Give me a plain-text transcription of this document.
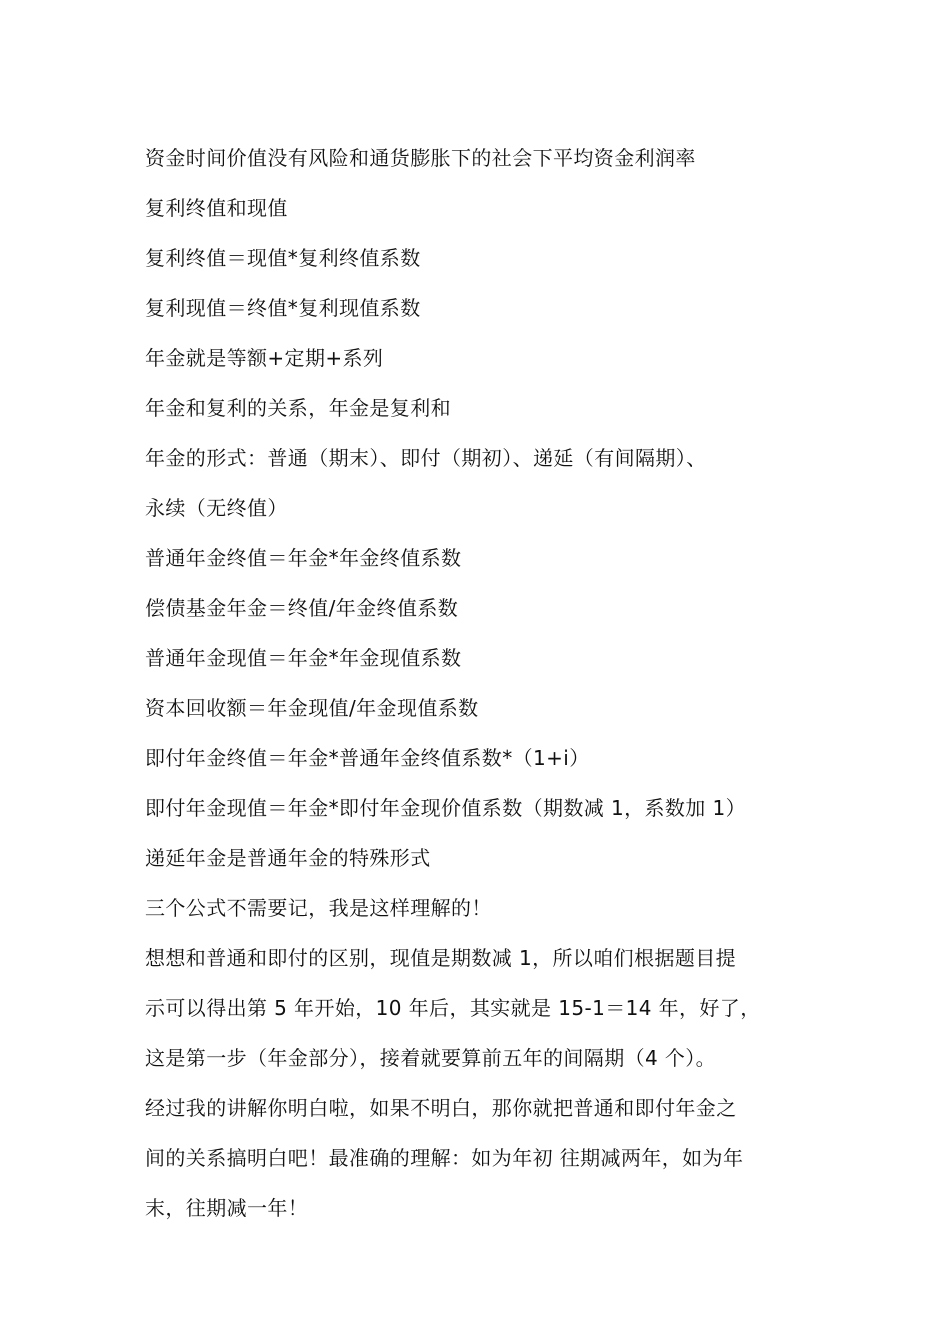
资金时间价值没有风险和通货膨胀下的社会下平均资金利润率
复利终值和现值
复利终值＝现值*复利终值系数
复利现值＝终值*复利现值系数
年金就是等额+定期+系列
年金和复利的关系，年金是复利和
年金的形式：普通（期末）、即付（期初）、递延（有间隔期）、
永续（无终值）
普通年金终值＝年金*年金终值系数
偿债基金年金＝终值/年金终值系数
普通年金现值＝年金*年金现值系数
资本回收额＝年金现值/年金现值系数
即付年金终值＝年金*普通年金终值系数*（1+i）
即付年金现值＝年金*即付年金现价值系数（期数减 1，系数加 1）
递延年金是普通年金的特殊形式
三个公式不需要记，我是这样理解的！
想想和普通和即付的区别，现值是期数减 1，所以咱们根据题目提
示可以得出第 5 年开始，10 年后，其实就是 15-1＝14 年，好了，
这是第一步（年金部分），接着就要算前五年的间隔期（4 个）。
经过我的讲解你明白啦，如果不明白，那你就把普通和即付年金之
间的关系搞明白吧！最准确的理解：如为年初 往期减两年，如为年
末，往期减一年！
